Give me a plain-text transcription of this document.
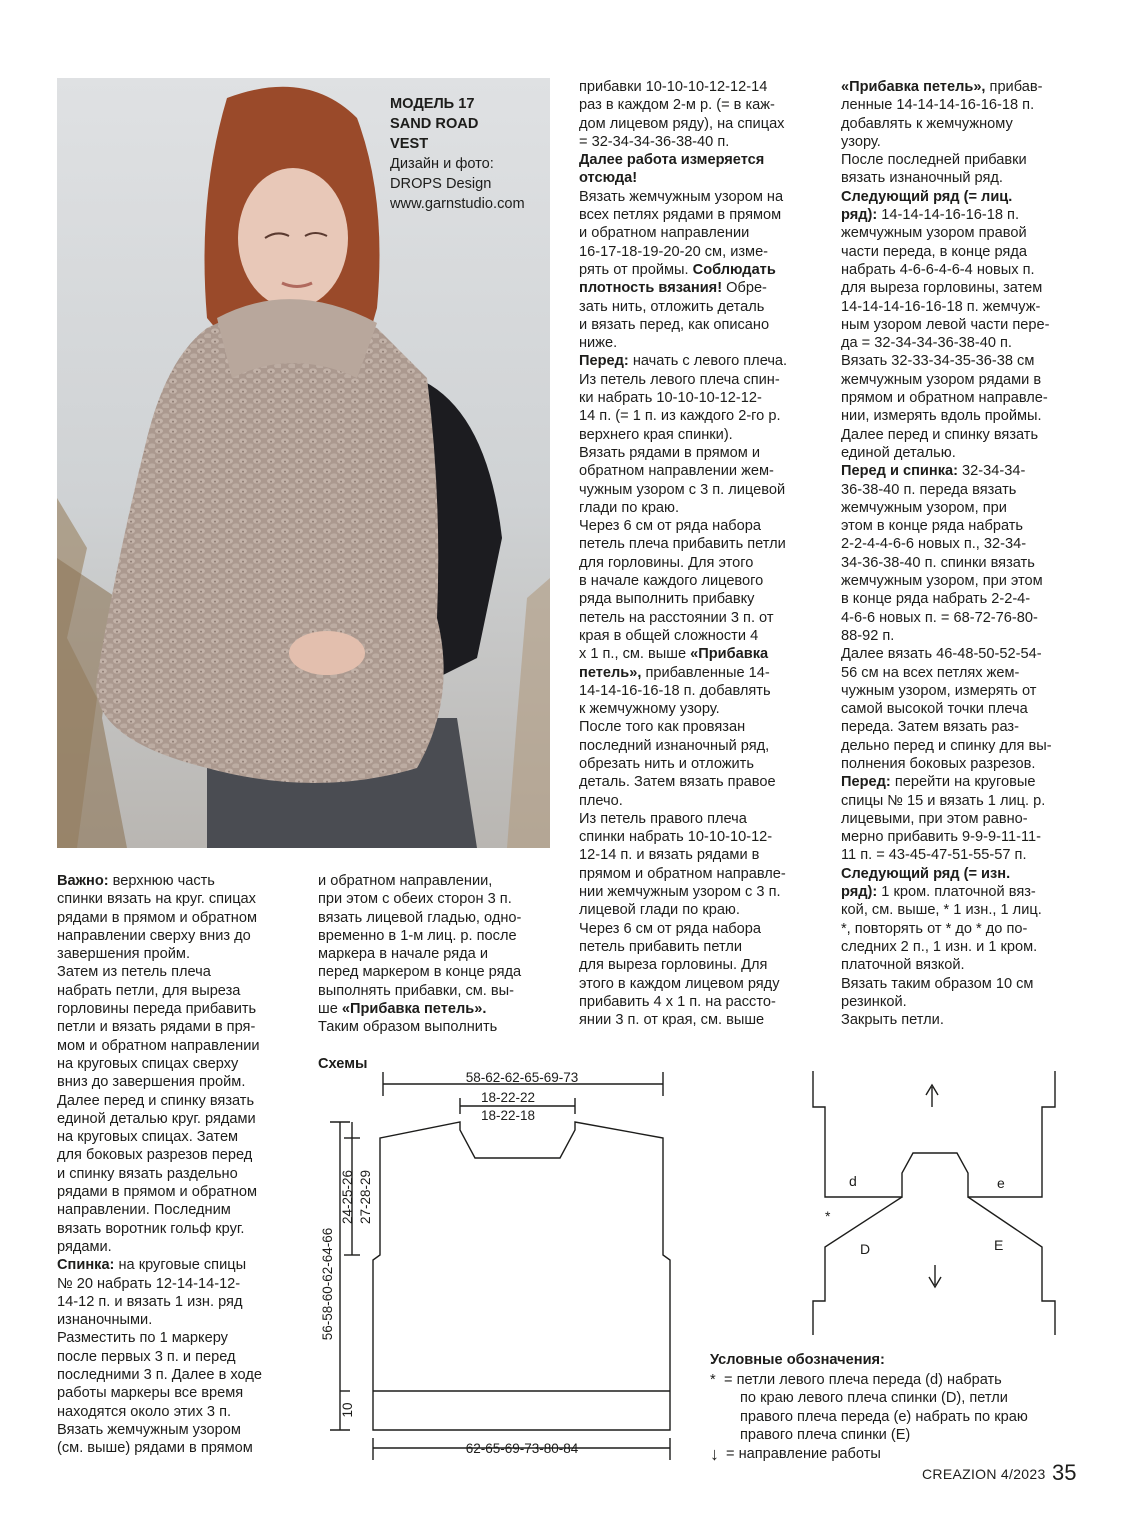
МОДЕЛЬ 17
SAND ROAD
VEST
Дизайн и фото:
DROPS Design
www.garnstudio.com

Важно: верхнюю часть

спинки вязать на круг. спицах

рядами в прямом и обратном

направлении сверху вниз до

завершения пройм.

Затем из петель плеча

набрать петли, для выреза

горловины переда прибавить

петли и вязать рядами в пря-

мом и обратном направлении

на круговых спицах сверху

вниз до завершения пройм.

Далее перед и спинку вязать

единой деталью круг. рядами

на круговых спицах. Затем

для боковых разрезов перед

и спинку вязать раздельно

рядами в прямом и обратном

направлении. Последним

вязать воротник гольф круг.

рядами.

Спинка: на круговые спицы

№ 20 набрать 12-14-14-12-

14-12 п. и вязать 1 изн. ряд

изнаночными.

Разместить по 1 маркеру

после первых 3 п. и перед

последними 3 п. Далее в ходе

работы маркеры все время

находятся около этих 3 п.

Вязать жемчужным узором

(см. выше) рядами в прямом

и обратном направлении,

при этом с обеих сторон 3 п.

вязать лицевой гладью, одно-

временно в 1-м лиц. р. после

маркера в начале ряда и

перед маркером в конце ряда

выполнять прибавки, см. вы-

ше «Прибавка петель».

Таким образом выполнить

прибавки 10-10-10-12-12-14

раз в каждом 2-м р. (= в каж-

дом лицевом ряду), на спицах

= 32-34-34-36-38-40 п.

Далее работа измеряется

отсюда!

Вязать жемчужным узором на

всех петлях рядами в прямом

и обратном направлении

16-17-18-19-20-20 см, изме-

рять от проймы. Соблюдать

плотность вязания! Обре-

зать нить, отложить деталь

и вязать перед, как описано

ниже.

Перед: начать с левого плеча.

Из петель левого плеча спин-

ки набрать 10-10-10-12-12-

14 п. (= 1 п. из каждого 2-го р.

верхнего края спинки).

Вязать рядами в прямом и

обратном направлении жем-

чужным узором с 3 п. лицевой

глади по краю.

Через 6 см от ряда набора

петель плеча прибавить петли

для горловины. Для этого

в начале каждого лицевого

ряда выполнить прибавку

петель на расстоянии 3 п. от

края в общей сложности 4

х 1 п., см. выше «Прибавка

петель», прибавленные 14-

14-14-16-16-18 п. добавлять

к жемчужному узору.

После того как провязан

последний изнаночный ряд,

обрезать нить и отложить

деталь. Затем вязать правое

плечо.

Из петель правого плеча

спинки набрать 10-10-10-12-

12-14 п. и вязать рядами в

прямом и обратном направле-

нии жемчужным узором с 3 п.

лицевой глади по краю.

Через 6 см от ряда набора

петель прибавить петли

для выреза горловины. Для

этого в каждом лицевом ряду

прибавить 4 х 1 п. на рассто-

янии 3 п. от края, см. выше

«Прибавка петель», прибав-

ленные 14-14-14-16-16-18 п.

добавлять к жемчужному

узору.

После последней прибавки

вязать изнаночный ряд.

Следующий ряд (= лиц.

ряд): 14-14-14-16-16-18 п.

жемчужным узором правой

части переда, в конце ряда

набрать 4-6-6-4-6-4 новых п.

для выреза горловины, затем

14-14-14-16-16-18 п. жемчуж-

ным узором левой части пере-

да = 32-34-34-36-38-40 п.

Вязать 32-33-34-35-36-38 см

жемчужным узором рядами в

прямом и обратном направле-

нии, измерять вдоль проймы.

Далее перед и спинку вязать

единой деталью.

Перед и спинка: 32-34-34-

36-38-40 п. переда вязать

жемчужным узором, при

этом в конце ряда набрать

2-2-4-4-6-6 новых п., 32-34-

34-36-38-40 п. спинки вязать

жемчужным узором, при этом

в конце ряда набрать 2-2-4-

4-6-6 новых п. = 68-72-76-80-

88-92 п.

Далее вязать 46-48-50-52-54-

56 см на всех петлях жем-

чужным узором, измерять от

самой высокой точки плеча

переда. Затем вязать раз-

дельно перед и спинку для вы-

полнения боковых разрезов.

Перед: перейти на круговые

спицы № 15 и вязать 1 лиц. р.

лицевыми, при этом равно-

мерно прибавить 9-9-9-11-11-

11 п. = 43-45-47-51-55-57 п.

Следующий ряд (= изн.

ряд): 1 кром. платочной вяз-

кой, см. выше, * 1 изн., 1 лиц.

*, повторять от * до * до по-

следних 2 п., 1 изн. и 1 кром.

платочной вязкой.

Вязать таким образом 10 см

резинкой.

Закрыть петли.

Схемы
58-62-62-65-69-73
18-22-22
18-22-18
24-25-26 27-28-29
56-58-60-62-64-66
10
62-65-69-73-80-84
d	e
D	E
*
Условные обозначения:
* = петли левого плеча переда (d) набрать
по краю левого плеча спинки (D), петли
правого плеча переда (e) набрать по краю
правого плеча спинки (E)
↓ = направление работы
CREAZION 4/2023 35
